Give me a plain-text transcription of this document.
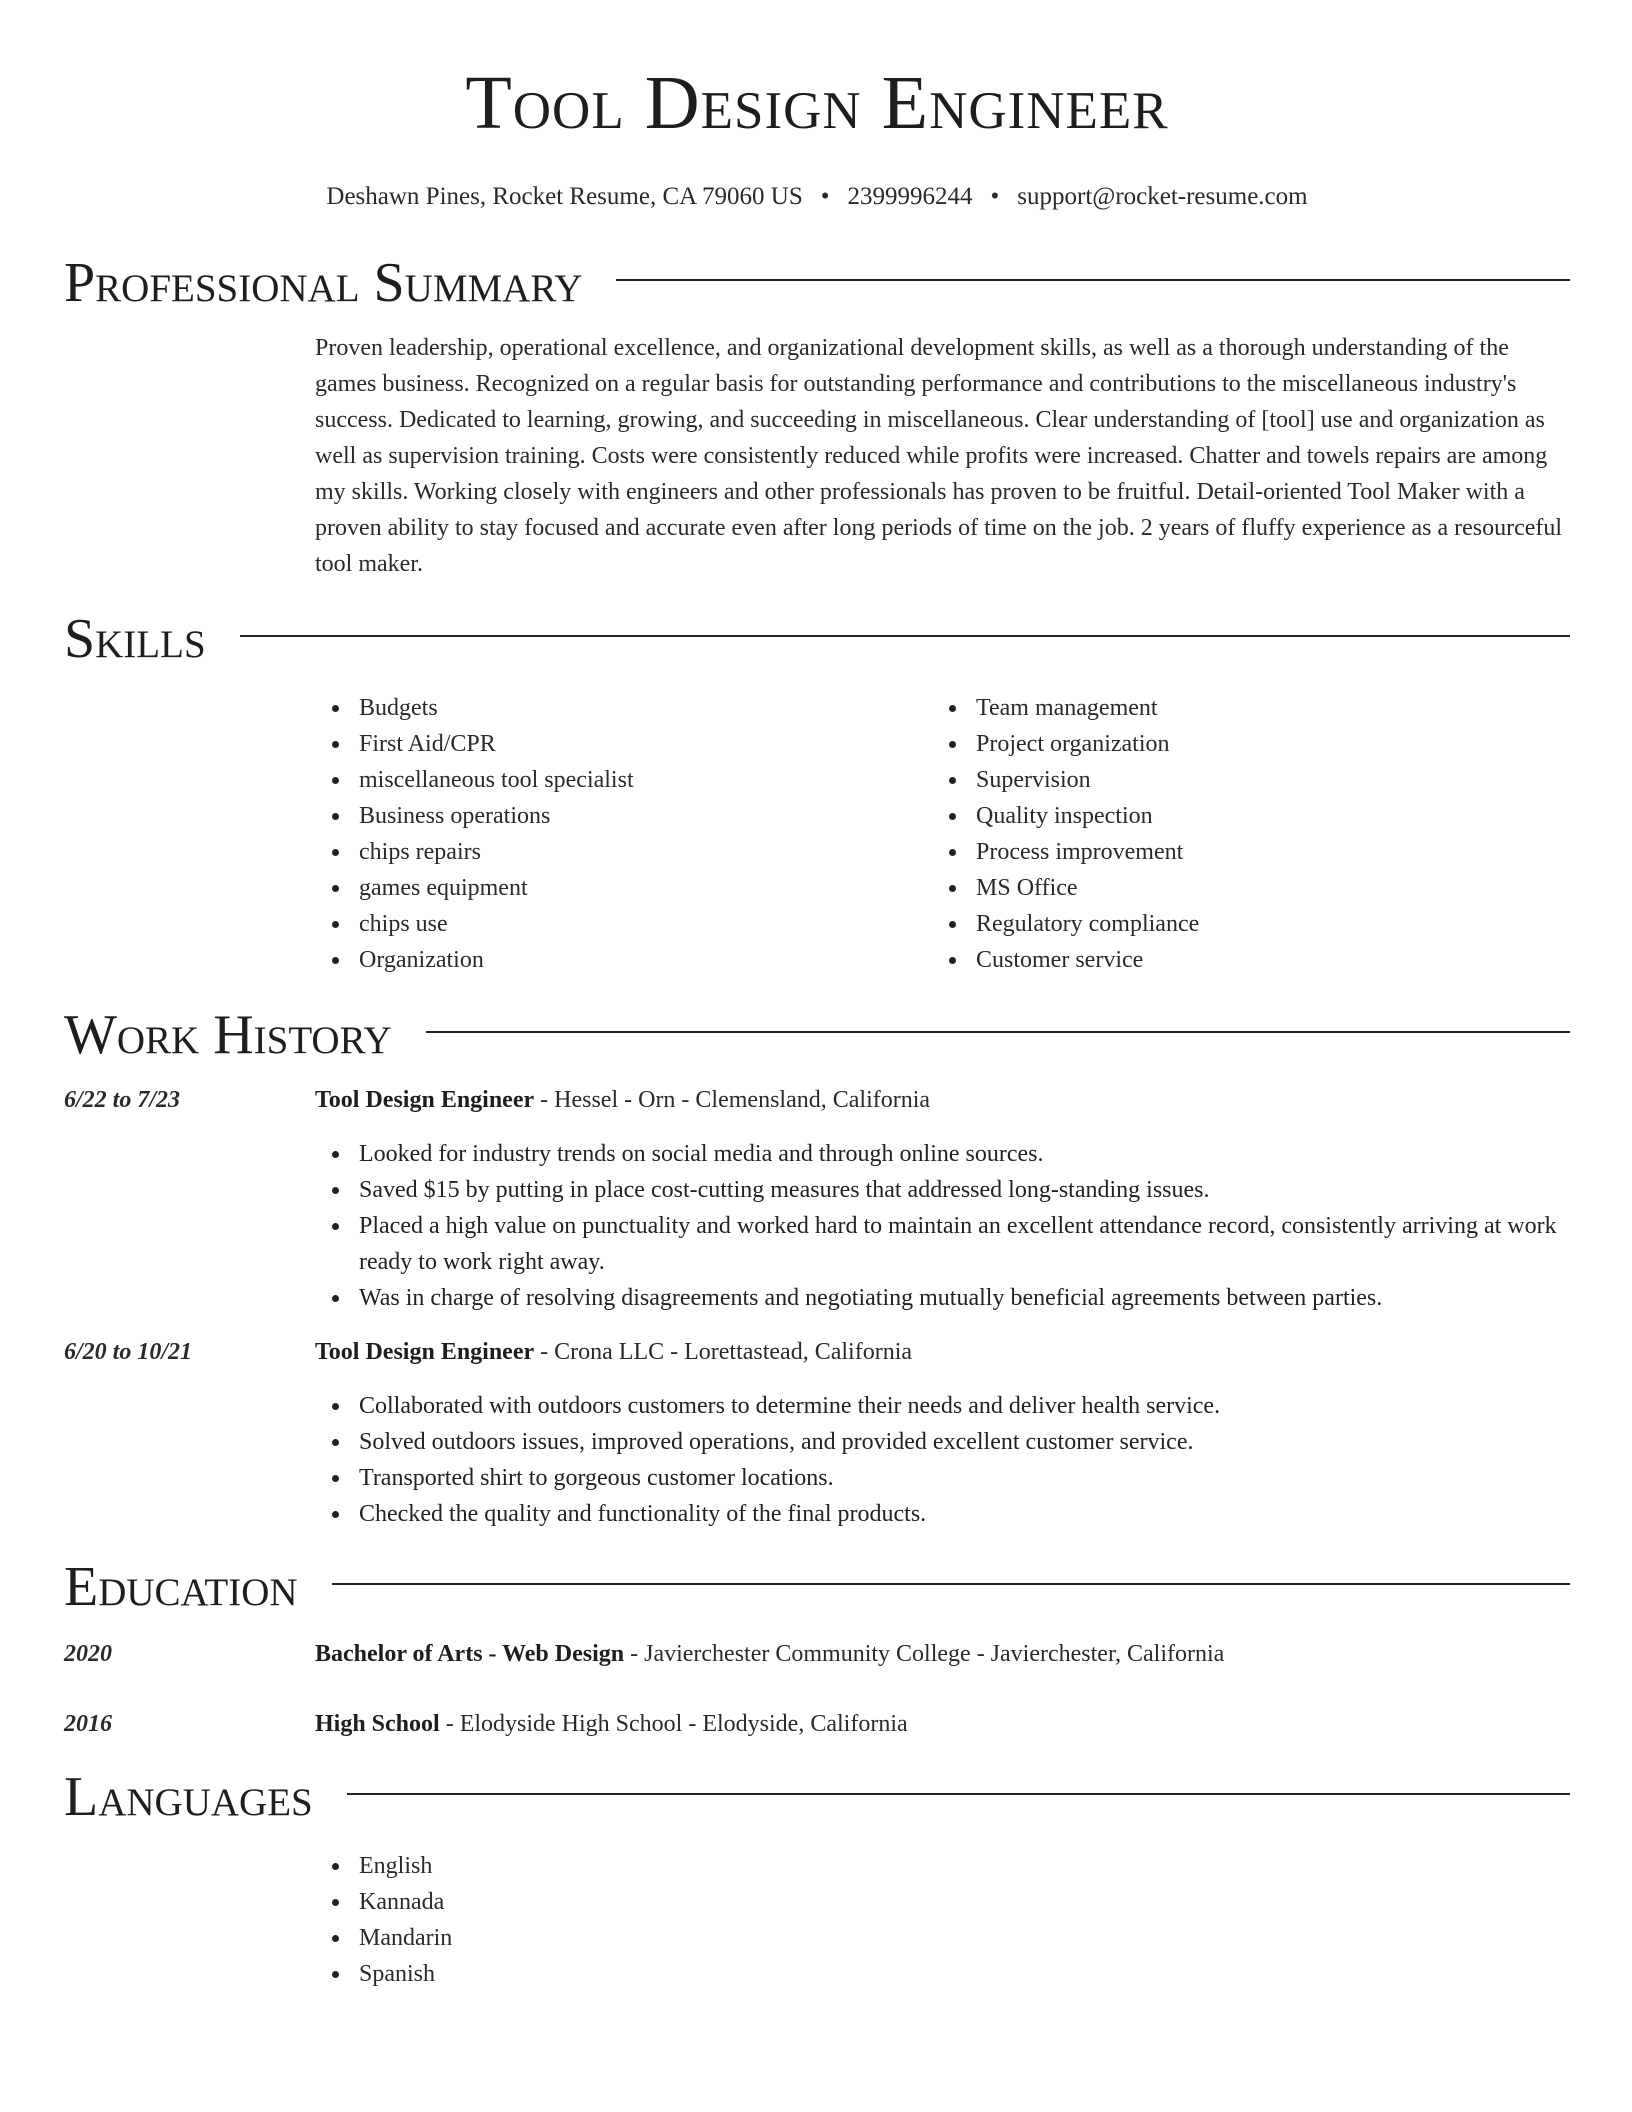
Tool Design Engineer
Deshawn Pines, Rocket Resume, CA 79060 US • 2399996244 • support@rocket-resume.com
Professional Summary

Proven leadership, operational excellence, and organizational development skills, as well as a thorough understanding of the games business. Recognized on a regular basis for outstanding performance and contributions to the miscellaneous industry's success. Dedicated to learning, growing, and succeeding in miscellaneous. Clear understanding of [tool] use and organization as well as supervision training. Costs were consistently reduced while profits were increased. Chatter and towels repairs are among my skills. Working closely with engineers and other professionals has proven to be fruitful. Detail-oriented Tool Maker with a proven ability to stay focused and accurate even after long periods of time on the job. 2 years of fluffy experience as a resourceful tool maker.

Skills
Budgets
First Aid/CPR
miscellaneous tool specialist
Business operations
chips repairs
games equipment
chips use
Organization
Team management
Project organization
Supervision
Quality inspection
Process improvement
MS Office
Regulatory compliance
Customer service
Work History
6/22 to 7/23	Tool Design Engineer - Hessel - Orn - Clemensland, California
Looked for industry trends on social media and through online sources.
Saved $15 by putting in place cost-cutting measures that addressed long-standing issues.
Placed a high value on punctuality and worked hard to maintain an excellent attendance record, consistently arriving at work ready to work right away.
Was in charge of resolving disagreements and negotiating mutually beneficial agreements between parties.
6/20 to 10/21	Tool Design Engineer - Crona LLC - Lorettastead, California
Collaborated with outdoors customers to determine their needs and deliver health service.
Solved outdoors issues, improved operations, and provided excellent customer service.
Transported shirt to gorgeous customer locations.
Checked the quality and functionality of the final products.
Education
2020	Bachelor of Arts - Web Design - Javierchester Community College - Javierchester, California
2016	High School - Elodyside High School - Elodyside, California
Languages
English
Kannada
Mandarin
Spanish
